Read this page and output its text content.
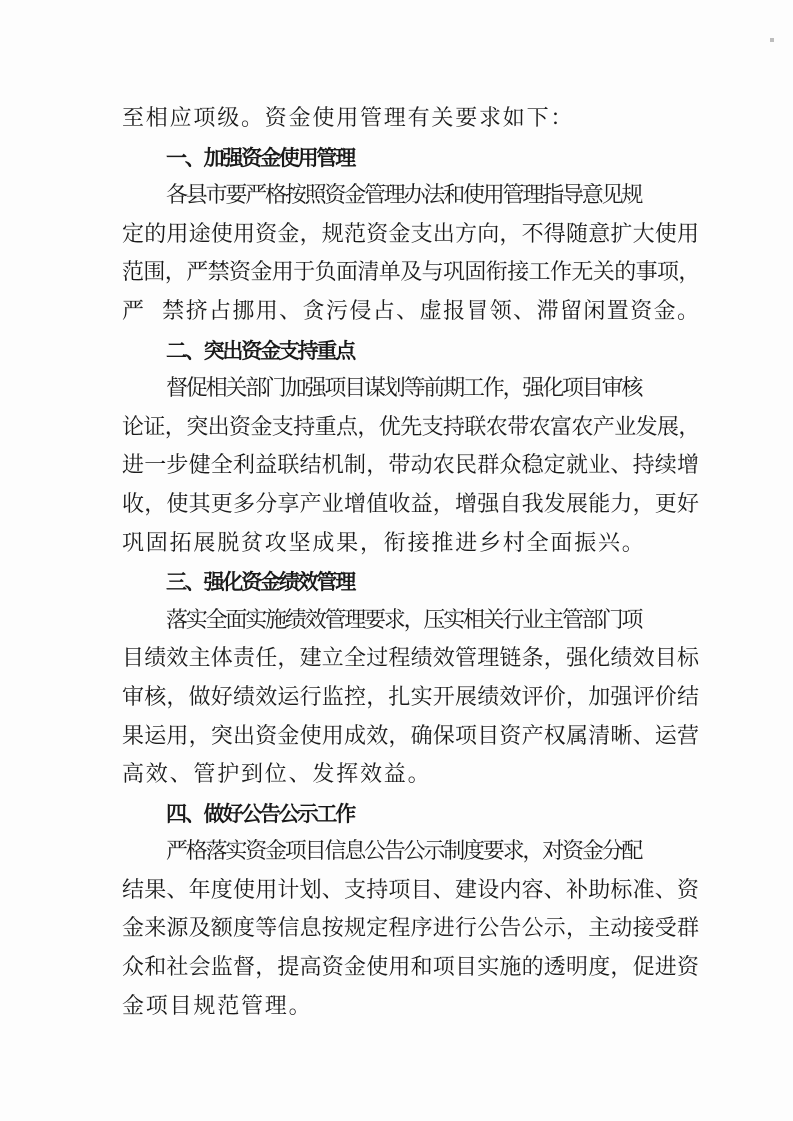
至相应项级。资金使用管理有关要求如下：
一、加强资金使用管理
各县市要严格按照资金管理办法和使用管理指导意见规
定的用途使用资金，规范资金支出方向，不得随意扩大使用
范围，严禁资金用于负面清单及与巩固衔接工作无关的事项，
严  禁挤占挪用、贪污侵占、虚报冒领、滞留闲置资金。
二、突出资金支持重点
督促相关部门加强项目谋划等前期工作，强化项目审核
论证，突出资金支持重点，优先支持联农带农富农产业发展，
进一步健全利益联结机制，带动农民群众稳定就业、持续增
收，使其更多分享产业增值收益，增强自我发展能力，更好
巩固拓展脱贫攻坚成果，衔接推进乡村全面振兴。
三、强化资金绩效管理
落实全面实施绩效管理要求，压实相关行业主管部门项
目绩效主体责任，建立全过程绩效管理链条，强化绩效目标
审核，做好绩效运行监控，扎实开展绩效评价，加强评价结
果运用，突出资金使用成效，确保项目资产权属清晰、运营
高效、管护到位、发挥效益。
四、做好公告公示工作
严格落实资金项目信息公告公示制度要求，对资金分配
结果、年度使用计划、支持项目、建设内容、补助标准、资
金来源及额度等信息按规定程序进行公告公示，主动接受群
众和社会监督，提高资金使用和项目实施的透明度，促进资
金项目规范管理。
